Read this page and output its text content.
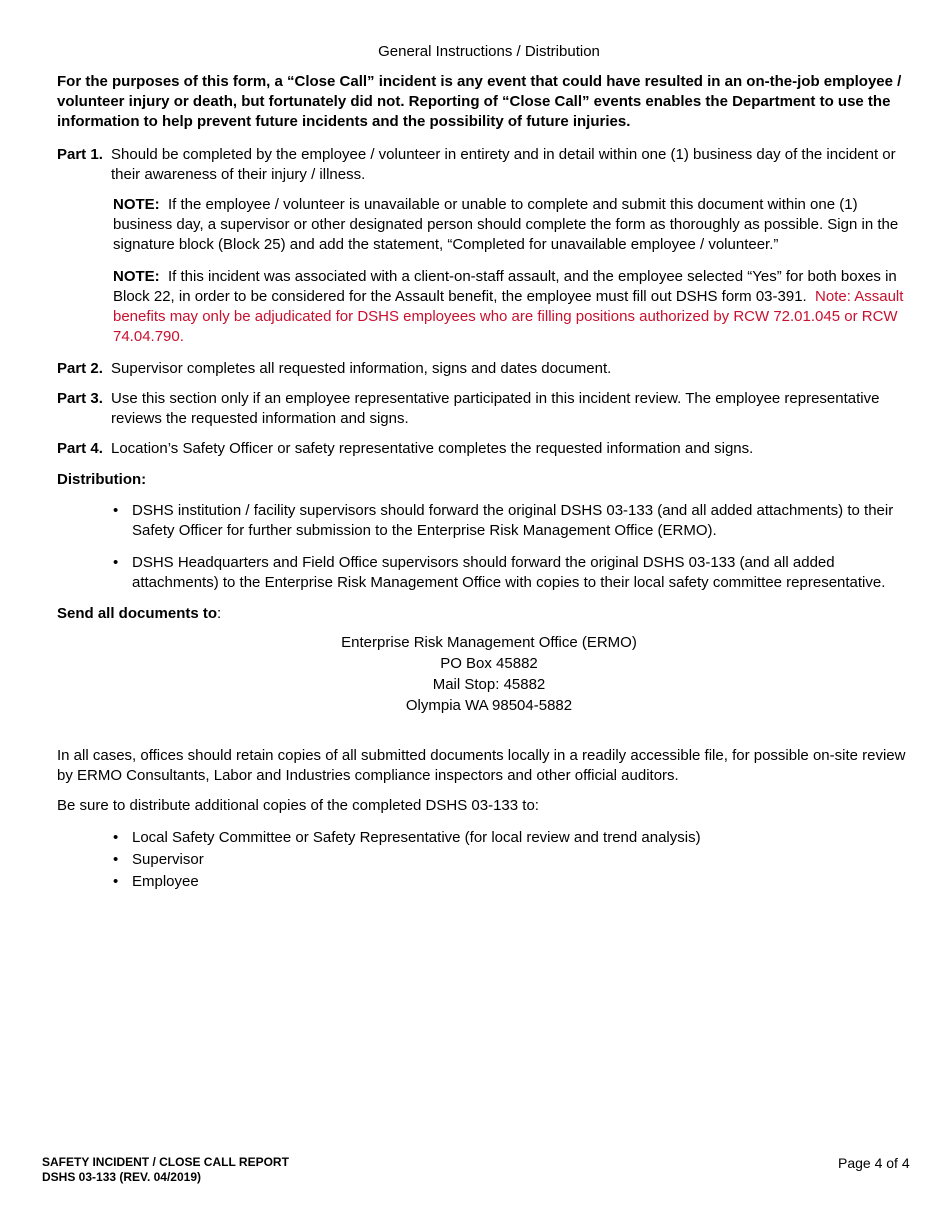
General Instructions / Distribution
For the purposes of this form, a “Close Call” incident is any event that could have resulted in an on-the-job employee / volunteer injury or death, but fortunately did not. Reporting of “Close Call” events enables the Department to use the information to help prevent future incidents and the possibility of future injuries.
Part 1. Should be completed by the employee / volunteer in entirety and in detail within one (1) business day of the incident or their awareness of their injury / illness.
NOTE: If the employee / volunteer is unavailable or unable to complete and submit this document within one (1) business day, a supervisor or other designated person should complete the form as thoroughly as possible. Sign in the signature block (Block 25) and add the statement, “Completed for unavailable employee / volunteer.”
NOTE: If this incident was associated with a client-on-staff assault, and the employee selected “Yes” for both boxes in Block 22, in order to be considered for the Assault benefit, the employee must fill out DSHS form 03-391. Note: Assault benefits may only be adjudicated for DSHS employees who are filling positions authorized by RCW 72.01.045 or RCW 74.04.790.
Part 2. Supervisor completes all requested information, signs and dates document.
Part 3. Use this section only if an employee representative participated in this incident review. The employee representative reviews the requested information and signs.
Part 4. Location’s Safety Officer or safety representative completes the requested information and signs.
Distribution:
• DSHS institution / facility supervisors should forward the original DSHS 03-133 (and all added attachments) to their Safety Officer for further submission to the Enterprise Risk Management Office (ERMO).
• DSHS Headquarters and Field Office supervisors should forward the original DSHS 03-133 (and all added attachments) to the Enterprise Risk Management Office with copies to their local safety committee representative.
Send all documents to:
Enterprise Risk Management Office (ERMO)
PO Box 45882
Mail Stop: 45882
Olympia WA 98504-5882
In all cases, offices should retain copies of all submitted documents locally in a readily accessible file, for possible on-site review by ERMO Consultants, Labor and Industries compliance inspectors and other official auditors.
Be sure to distribute additional copies of the completed DSHS 03-133 to:
• Local Safety Committee or Safety Representative (for local review and trend analysis)
• Supervisor
• Employee
SAFETY INCIDENT / CLOSE CALL REPORT
DSHS 03-133 (REV. 04/2019)
Page 4 of 4
